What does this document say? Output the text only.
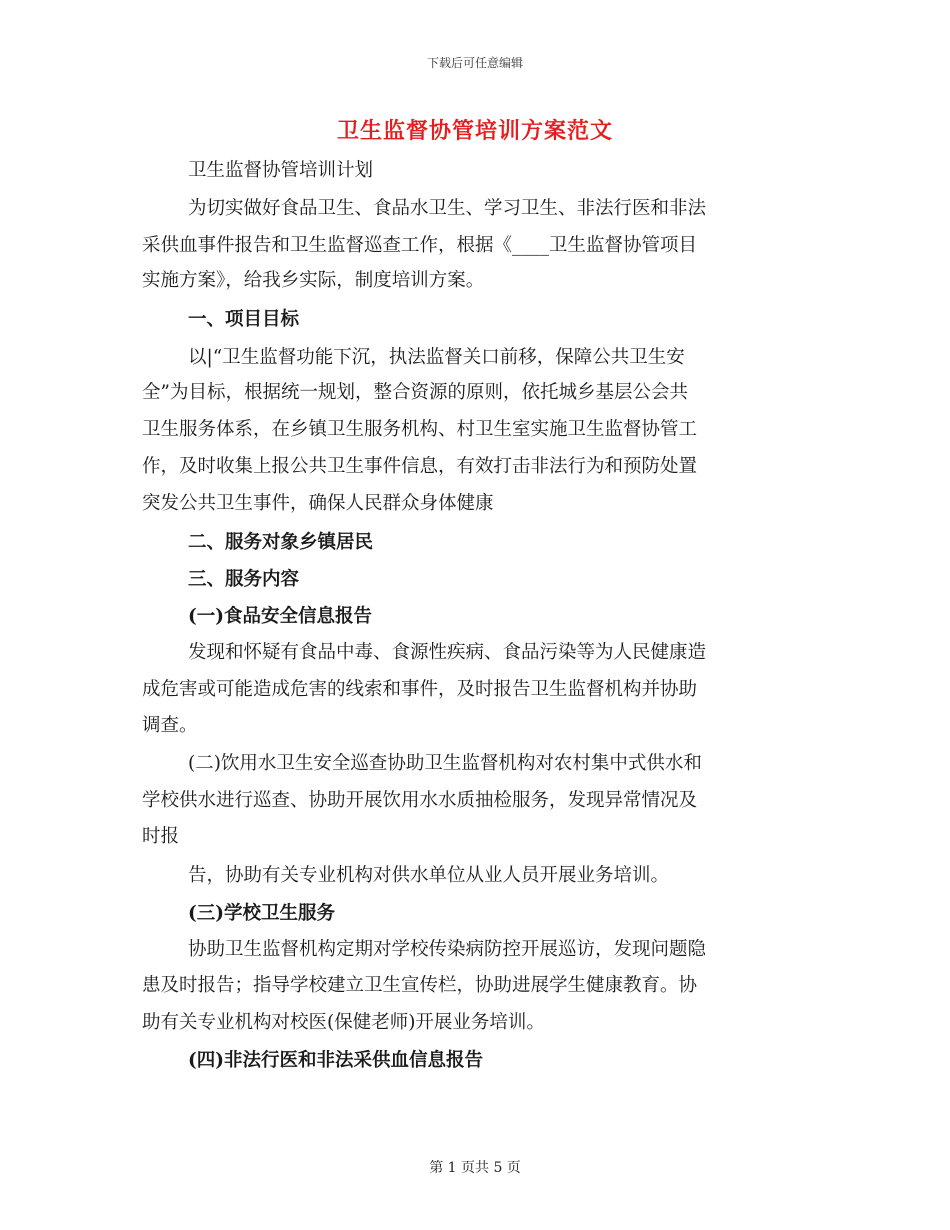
下载后可任意编辑
卫生监督协管培训方案范文
卫生监督协管培训计划
为切实做好食品卫生、食品水卫生、学习卫生、非法行医和非法
采供血事件报告和卫生监督巡查工作，根据《____卫生监督协管项目
实施方案》，给我乡实际，制度培训方案。
一、项目目标
以|“卫生监督功能下沉，执法监督关口前移，保障公共卫生安
全”为目标，根据统一规划，整合资源的原则，依托城乡基层公会共
卫生服务体系，在乡镇卫生服务机构、村卫生室实施卫生监督协管工
作，及时收集上报公共卫生事件信息，有效打击非法行为和预防处置
突发公共卫生事件，确保人民群众身体健康
二、服务对象乡镇居民
三、服务内容
(一)食品安全信息报告
发现和怀疑有食品中毒、食源性疾病、食品污染等为人民健康造
成危害或可能造成危害的线索和事件，及时报告卫生监督机构并协助
调查。
(二)饮用水卫生安全巡查协助卫生监督机构对农村集中式供水和
学校供水进行巡查、协助开展饮用水水质抽检服务，发现异常情况及
时报
告，协助有关专业机构对供水单位从业人员开展业务培训。
(三)学校卫生服务
协助卫生监督机构定期对学校传染病防控开展巡访，发现问题隐
患及时报告；指导学校建立卫生宣传栏，协助进展学生健康教育。协
助有关专业机构对校医(保健老师)开展业务培训。
(四)非法行医和非法采供血信息报告
第 1 页共 5 页
